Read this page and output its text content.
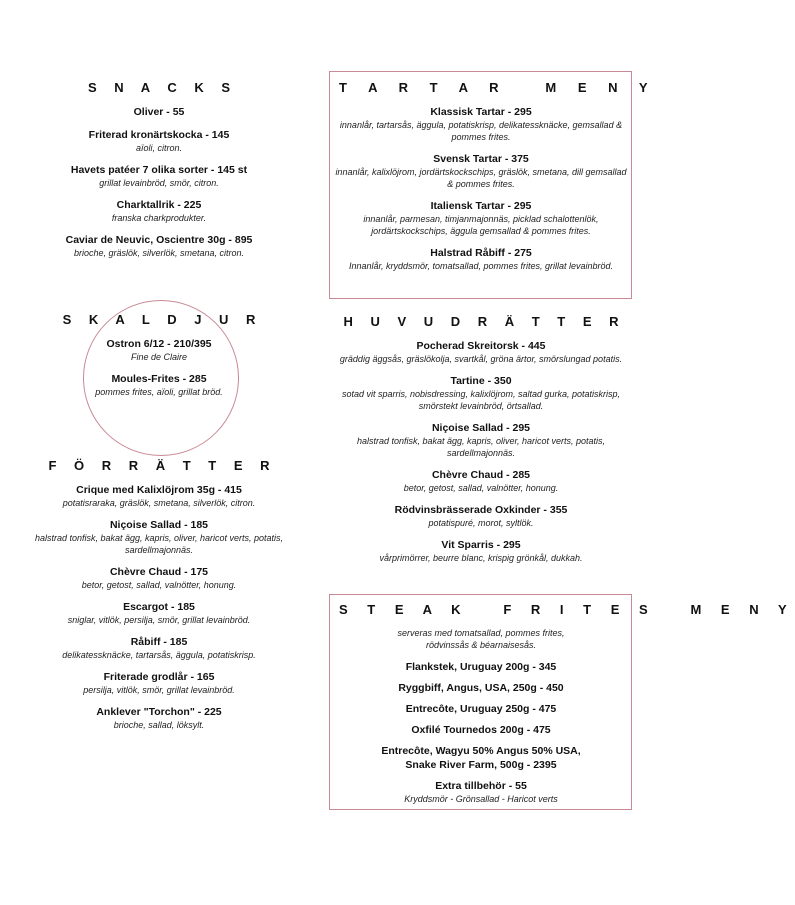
S N A C K S
Oliver - 55
Friterad kronärtskocka - 145
aïoli, citron.
Havets patéer 7 olika sorter - 145 st
grillat levainbröd, smör, citron.
Charktallrik - 225
franska charkprodukter.
Caviar de Neuvic, Oscientre 30g - 895
brioche, gräslök, silverlök, smetana, citron.
S K A L D J U R
Ostron 6/12 - 210/395
Fine de Claire
Moules-Frites - 285
pommes frites, aïoli, grillat bröd.
F Ö R R Ä T T E R
Crique med Kalixlöjrom 35g - 415
potatisraraka, gräslök, smetana, silverlök, citron.
Niçoise Sallad - 185
halstrad tonfisk, bakat ägg, kapris, oliver, haricot verts, potatis, sardellmajonnäs.
Chèvre Chaud - 175
betor, getost, sallad, valnötter, honung.
Escargot - 185
sniglar, vitlök, persilja, smör, grillat levainbröd.
Råbiff - 185
delikatessknäcke, tartarsås, äggula, potatiskrisp.
Friterade grodlår - 165
persilja, vitlök, smör, grillat levainbröd.
Anklever "Torchon" - 225
brioche, sallad, löksylt.
T A R T A R   M E N Y
Klassisk Tartar - 295
innanlår, tartarsås, äggula, potatiskrisp, delikatessknäcke, gemsallad & pommes frites.
Svensk Tartar - 375
innanlår, kalixlöjrom, jordärtskockschips, gräslök, smetana, dill gemsallad & pommes frites.
Italiensk Tartar - 295
innanlår, parmesan, timjanmajonnäs, picklad schalottenlök, jordärtskockschips, äggula gemsallad & pommes frites.
Halstrad Råbiff - 275
Innanlår, kryddsmör, tomatsallad, pommes frites, grillat levainbröd.
H U V U D R Ä T T E R
Pocherad Skreitorsk - 445
gräddig äggsås, gräslökolja, svartkål, gröna ärtor, smörslungad potatis.
Tartine - 350
sotad vit sparris, nobisdressing, kalixlöjrom, saltad gurka, potatiskrisp, smörstekt levainbröd, örtsallad.
Niçoise Sallad - 295
halstrad tonfisk, bakat ägg, kapris, oliver, haricot verts, potatis, sardellmajonnäs.
Chèvre Chaud - 285
betor, getost, sallad, valnötter, honung.
Rödvinsbrässerade Oxkinder - 355
potatispuré, morot, syltlök.
Vit Sparris - 295
vårprimörrer, beurre blanc, krispig grönkål, dukkah.
S T E A K   F R I T E S   M E N Y
serveras med tomatsallad, pommes frites, rödvinssås & béarnaisesås.
Flankstek, Uruguay 200g - 345
Ryggbiff, Angus, USA, 250g - 450
Entrecôte, Uruguay 250g - 475
Oxfilé Tournedos 200g - 475
Entrecôte, Wagyu 50% Angus 50% USA, Snake River Farm, 500g - 2395
Extra tillbehör - 55
Kryddsmör - Grönsallad - Haricot verts
